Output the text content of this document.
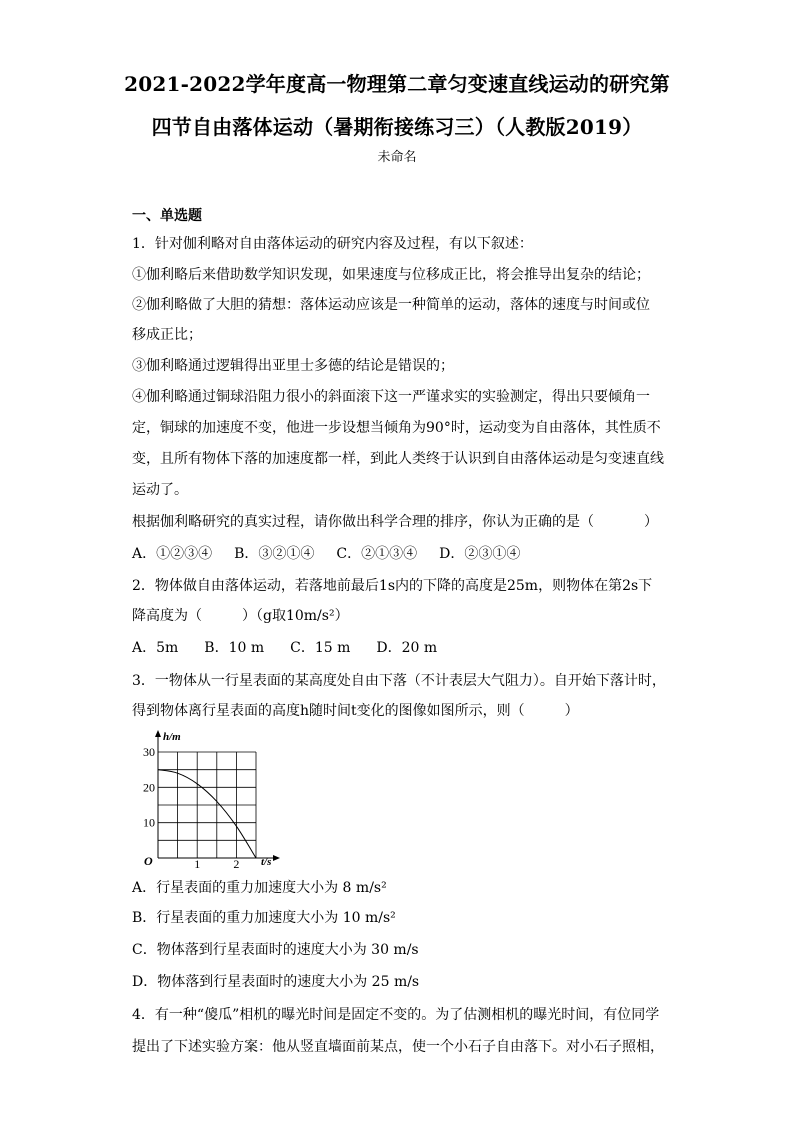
2021-2022学年度高一物理第二章匀变速直线运动的研究第
四节自由落体运动（暑期衔接练习三）（人教版2019）
未命名
一、单选题
1．针对伽利略对自由落体运动的研究内容及过程，有以下叙述：
①伽利略后来借助数学知识发现，如果速度与位移成正比，将会推导出复杂的结论；
②伽利略做了大胆的猜想：落体运动应该是一种简单的运动，落体的速度与时间或位
移成正比；
③伽利略通过逻辑得出亚里士多德的结论是错误的；
④伽利略通过铜球沿阻力很小的斜面滚下这一严谨求实的实验测定，得出只要倾角一
定，铜球的加速度不变，他进一步设想当倾角为90°时，运动变为自由落体，其性质不
变，且所有物体下落的加速度都一样，到此人类终于认识到自由落体运动是匀变速直线
运动了。
根据伽利略研究的真实过程，请你做出科学合理的排序，你认为正确的是（	）
A．①②③④ B．③②①④ C．②①③④ D．②③①④
2．物体做自由落体运动，若落地前最后1s内的下降的高度是25m，则物体在第2s下
降高度为（	）（g取10m/s²）
A．5m B．10 m C．15 m D．20 m
3．一物体从一行星表面的某高度处自由下落（不计表层大气阻力）。自开始下落计时，
得到物体离行星表面的高度h随时间t变化的图像如图所示，则（	）
h/m
t/s
O
10
20
30
1	2
A．行星表面的重力加速度大小为 8 m/s²
B．行星表面的重力加速度大小为 10 m/s²
C．物体落到行星表面时的速度大小为 30 m/s
D．物体落到行星表面时的速度大小为 25 m/s
4．有一种“傻瓜”相机的曝光时间是固定不变的。为了估测相机的曝光时间，有位同学
提出了下述实验方案：他从竖直墙面前某点，使一个小石子自由落下。对小石子照相，
